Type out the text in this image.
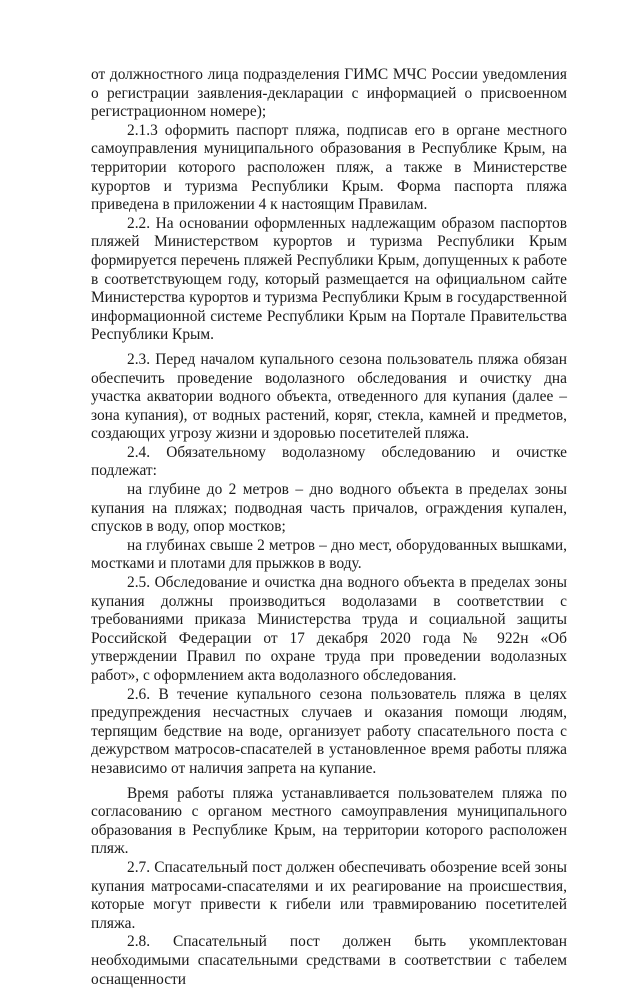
от должностного лица подразделения ГИМС МЧС России уведомления о регистрации заявления-декларации с информацией о присвоенном регистрационном номере);

2.1.3 оформить паспорт пляжа, подписав его в органе местного самоуправления муниципального образования в Республике Крым, на территории которого расположен пляж, а также в Министерстве курортов и туризма Республики Крым. Форма паспорта пляжа приведена в приложении 4 к настоящим Правилам.

2.2. На основании оформленных надлежащим образом паспортов пляжей Министерством курортов и туризма Республики Крым формируется перечень пляжей Республики Крым, допущенных к работе в соответствующем году, который размещается на официальном сайте Министерства курортов и туризма Республики Крым в государственной информационной системе Республики Крым на Портале Правительства Республики Крым.

2.3. Перед началом купального сезона пользователь пляжа обязан обеспечить проведение водолазного обследования и очистку дна участка акватории водного объекта, отведенного для купания (далее – зона купания), от водных растений, коряг, стекла, камней и предметов, создающих угрозу жизни и здоровью посетителей пляжа.

2.4. Обязательному водолазному обследованию и очистке подлежат:

на глубине до 2 метров – дно водного объекта в пределах зоны купания на пляжах; подводная часть причалов, ограждения купален, спусков в воду, опор мостков;

на глубинах свыше 2 метров – дно мест, оборудованных вышками, мостками и плотами для прыжков в воду.

2.5. Обследование и очистка дна водного объекта в пределах зоны купания должны производиться водолазами в соответствии с требованиями приказа Министерства труда и социальной защиты Российской Федерации от 17 декабря 2020 года № 922н «Об утверждении Правил по охране труда при проведении водолазных работ», с оформлением акта водолазного обследования.

2.6. В течение купального сезона пользователь пляжа в целях предупреждения несчастных случаев и оказания помощи людям, терпящим бедствие на воде, организует работу спасательного поста с дежурством матросов-спасателей в установленное время работы пляжа независимо от наличия запрета на купание.

Время работы пляжа устанавливается пользователем пляжа по согласованию с органом местного самоуправления муниципального образования в Республике Крым, на территории которого расположен пляж.

2.7. Спасательный пост должен обеспечивать обозрение всей зоны купания матросами-спасателями и их реагирование на происшествия, которые могут привести к гибели или травмированию посетителей пляжа.

2.8. Спасательный пост должен быть укомплектован необходимыми спасательными средствами в соответствии с табелем оснащенности
